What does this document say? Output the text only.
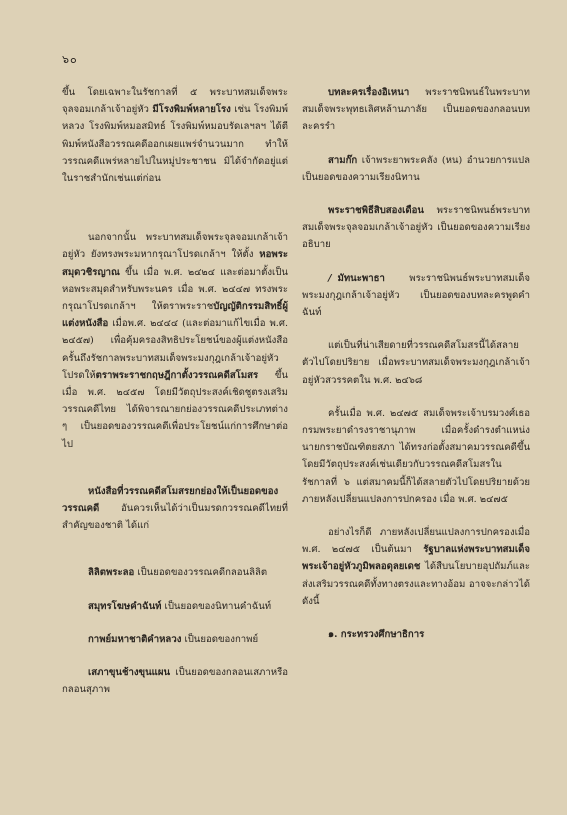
๖๐

ขึ้น โดยเฉพาะในรัชกาลที่ ๕ พระบาทสมเด็จพระจุลจอมเกล้าเจ้าอยู่หัว มีโรงพิมพ์หลายโรง เช่น โรงพิมพ์หลวง โรงพิมพ์หมอสมิทธ์ โรงพิมพ์หมอบรัดเลฯลฯ ได้ตีพิมพ์หนังสือวรรณคดีออกเผยแพร่จำนวนมาก ทำให้วรรณคดีแพร่หลายไปในหมู่ประชาชน มิได้จำกัดอยู่แต่ในราชสำนักเช่นแต่ก่อน

นอกจากนั้น พระบาทสมเด็จพระจุลจอมเกล้าเจ้าอยู่หัว ยังทรงพระมหากรุณาโปรดเกล้าฯ ให้ตั้ง หอพระสมุดวชิรญาณ ขึ้น เมื่อ พ.ศ. ๒๔๒๔ และต่อมาตั้งเป็น หอพระสมุดสำหรับพระนคร เมื่อ พ.ศ. ๒๔๔๗ ทรงพระกรุณาโปรดเกล้าฯ ให้ตราพระราชบัญญัติกรรมสิทธิ์ผู้แต่งหนังสือ เมื่อพ.ศ. ๒๔๔๔ (และต่อมาแก้ไขเมื่อ พ.ศ. ๒๔๕๗) เพื่อคุ้มครองสิทธิประโยชน์ของผู้แต่งหนังสือ ครั้นถึงรัชกาลพระบาทสมเด็จพระมงกุฎเกล้าเจ้าอยู่หัว โปรดให้ตราพระราชกฤษฎีกาตั้งวรรณคดีสโมสร ขึ้นเมื่อ พ.ศ. ๒๔๕๗ โดยมีวัตถุประสงค์เชิดชูตรงเสริมวรรณคดีไทย ได้พิจารณายกย่องวรรณคดีประเภทต่าง ๆ เป็นยอดของวรรณคดีเพื่อประโยชน์แก่การศึกษาต่อไป

หนังสือที่วรรณคดีสโมสรยกย่องให้เป็นยอดของวรรณคดี อันควรเห็นได้ว่าเป็นมรดกวรรณคดีไทยที่สำคัญของชาติ ได้แก่

ลิลิตพระลอ เป็นยอดของวรรณคดีกลอนลิลิต

สมุทรโฆษคำฉันท์ เป็นยอดของนิทานคำฉันท์

กาพย์มหาชาติคำหลวง เป็นยอดของกาพย์

เสภาขุนช้างขุนแผน เป็นยอดของกลอนเสภาหรือกลอนสุภาพ

บทละครเรื่องอิเหนา พระราชนิพนธ์ในพระบาทสมเด็จพระพุทธเลิศหล้านภาลัย เป็นยอดของกลอนบทละครรำ

สามก๊ก เจ้าพระยาพระคลัง (หน) อำนวยการแปล เป็นยอดของความเรียงนิทาน

พระราชพิธีสิบสองเดือน พระราชนิพนธ์พระบาทสมเด็จพระจุลจอมเกล้าเจ้าอยู่หัว เป็นยอดของความเรียงอธิบาย

/ มัทนะพาธา พระราชนิพนธ์พระบาทสมเด็จพระมงกุฎเกล้าเจ้าอยู่หัว เป็นยอดของบทละครพูดคำฉันท์

แต่เป็นที่น่าเสียดายที่วรรณคดีสโมสรนี้ได้สลายตัวไปโดยปริยาย เมื่อพระบาทสมเด็จพระมงกุฎเกล้าเจ้าอยู่หัวสวรรคตใน พ.ศ. ๒๔๖๘

ครั้นเมื่อ พ.ศ. ๒๔๗๕ สมเด็จพระเจ้าบรมวงศ์เธอ กรมพระยาดำรงราชานุภาพ เมื่อครั้งดำรงตำแหน่งนายกราชบัณฑิตยสภา ได้ทรงก่อตั้งสมาคมวรรณคดีขึ้น โดยมีวัตถุประสงค์เช่นเดียวกับวรรณคดีสโมสรในรัชกาลที่ ๖ แต่สมาคมนี้ก็ได้สลายตัวไปโดยปริยายด้วยภายหลังเปลี่ยนแปลงการปกครอง เมื่อ พ.ศ. ๒๔๗๕

อย่างไรก็ดี ภายหลังเปลี่ยนแปลงการปกครองเมื่อ พ.ศ. ๒๔๗๕ เป็นต้นมา รัฐบาลแห่งพระบาทสมเด็จพระเจ้าอยู่หัวภูมิพลอดุลยเดช ได้สืบนโยบายอุปถัมภ์และส่งเสริมวรรณคดีทั้งทางตรงและทางอ้อม อาจจะกล่าวได้ดังนี้

๑. กระทรวงศึกษาธิการ
